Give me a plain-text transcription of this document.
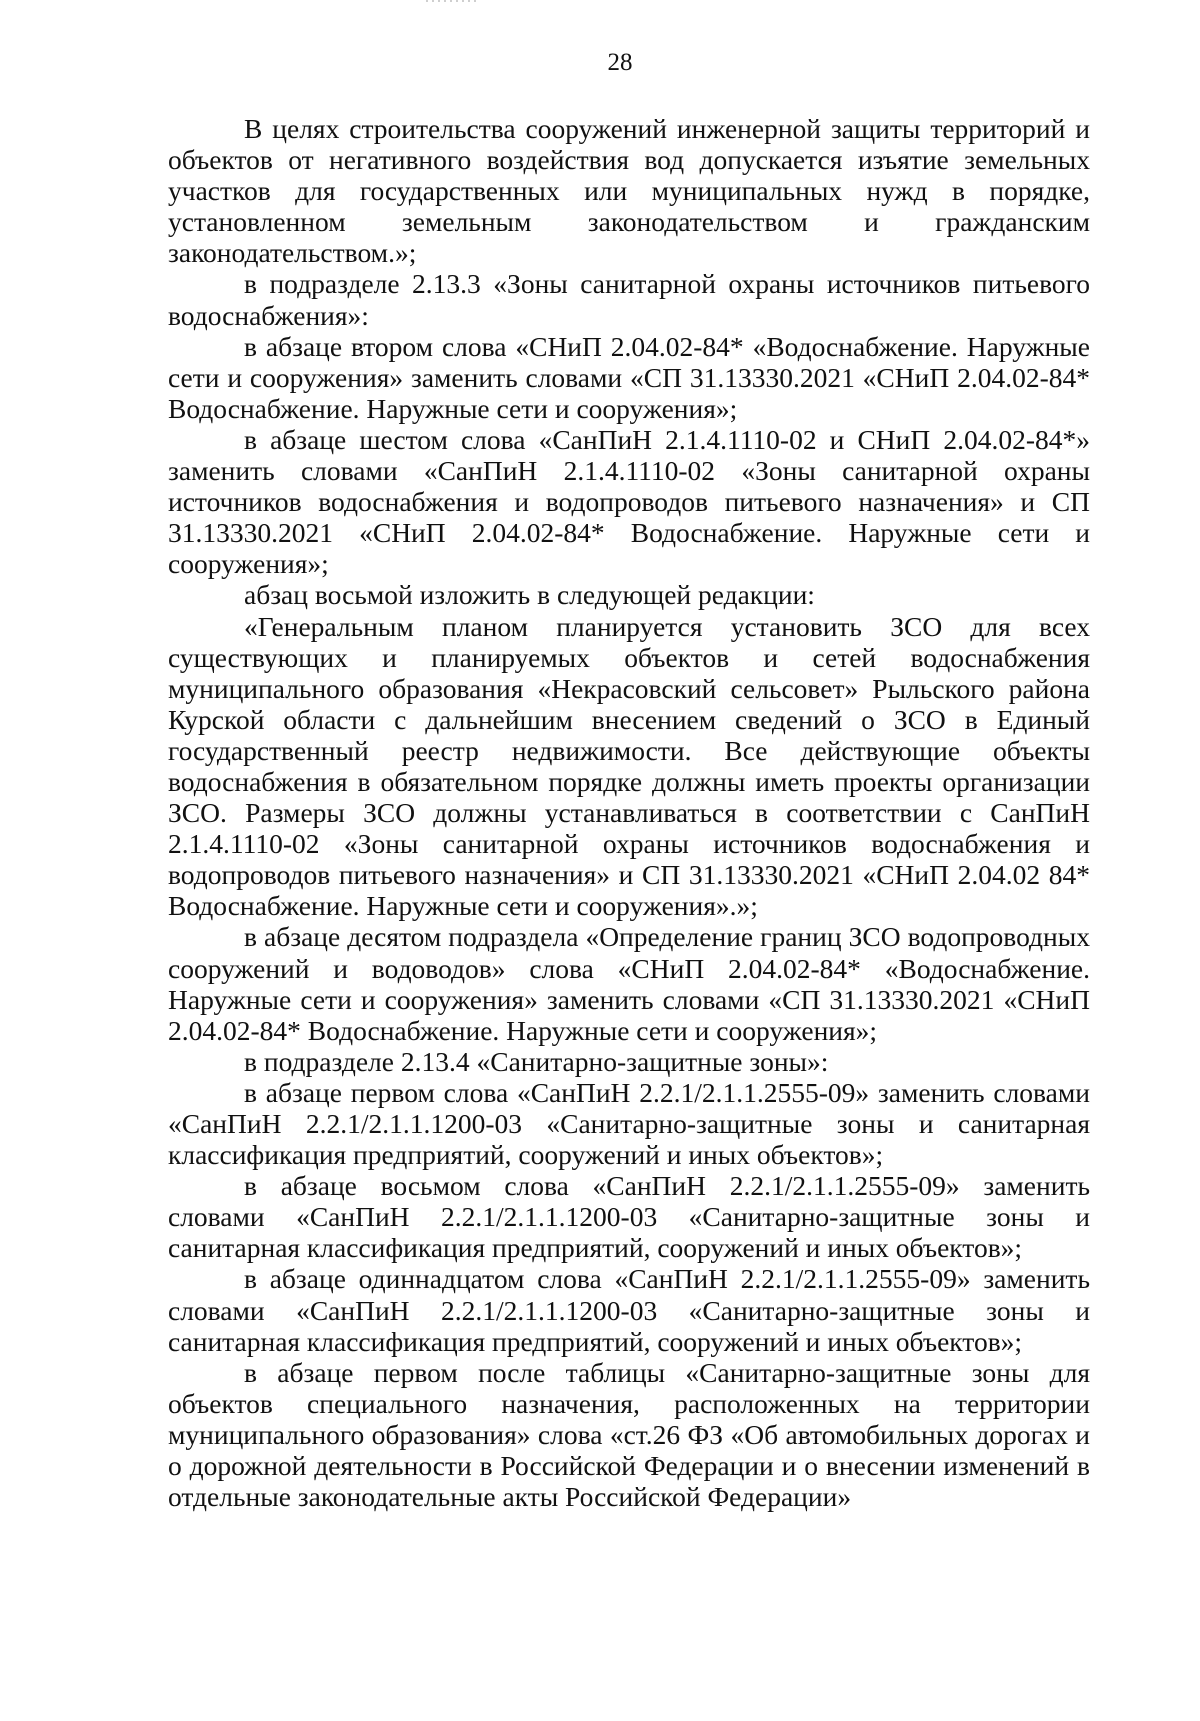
28

В целях строительства сооружений инженерной защиты территорий и объектов от негативного воздействия вод допускается изъятие земельных участков для государственных или муниципальных нужд в порядке, установленном земельным законодательством и гражданским законодательством.»;

в подразделе 2.13.3 «Зоны санитарной охраны источников питьевого водоснабжения»:

в абзаце втором слова «СНиП 2.04.02-84* «Водоснабжение. Наружные сети и сооружения» заменить словами «СП 31.13330.2021 «СНиП 2.04.02-84* Водоснабжение. Наружные сети и сооружения»;

в абзаце шестом слова «СанПиН 2.1.4.1110-02 и СНиП 2.04.02-84*» заменить словами «СанПиН 2.1.4.1110-02 «Зоны санитарной охраны источников водоснабжения и водопроводов питьевого назначения» и СП 31.13330.2021 «СНиП 2.04.02-84* Водоснабжение. Наружные сети и сооружения»;

абзац восьмой изложить в следующей редакции:

«Генеральным планом планируется установить ЗСО для всех существующих и планируемых объектов и сетей водоснабжения муниципального образования «Некрасовский сельсовет» Рыльского района Курской области с дальнейшим внесением сведений о ЗСО в Единый государственный реестр недвижимости. Все действующие объекты водоснабжения в обязательном порядке должны иметь проекты организации ЗСО. Размеры ЗСО должны устанавливаться в соответствии с СанПиН 2.1.4.1110-02 «Зоны санитарной охраны источников водоснабжения и водопроводов питьевого назначения» и СП 31.13330.2021 «СНиП 2.04.02 84* Водоснабжение. Наружные сети и сооружения».»;

в абзаце десятом подраздела «Определение границ ЗСО водопроводных сооружений и водоводов» слова «СНиП 2.04.02-84* «Водоснабжение. Наружные сети и сооружения» заменить словами «СП 31.13330.2021 «СНиП 2.04.02-84* Водоснабжение. Наружные сети и сооружения»;

в подразделе 2.13.4 «Санитарно-защитные зоны»:

в абзаце первом слова «СанПиН 2.2.1/2.1.1.2555-09» заменить словами «СанПиН 2.2.1/2.1.1.1200-03 «Санитарно-защитные зоны и санитарная классификация предприятий, сооружений и иных объектов»;

в абзаце восьмом слова «СанПиН 2.2.1/2.1.1.2555-09» заменить словами «СанПиН 2.2.1/2.1.1.1200-03 «Санитарно-защитные зоны и санитарная классификация предприятий, сооружений и иных объектов»;

в абзаце одиннадцатом слова «СанПиН 2.2.1/2.1.1.2555-09» заменить словами «СанПиН 2.2.1/2.1.1.1200-03 «Санитарно-защитные зоны и санитарная классификация предприятий, сооружений и иных объектов»;

в абзаце первом после таблицы «Санитарно-защитные зоны для объектов специального назначения, расположенных на территории муниципального образования» слова «ст.26 ФЗ «Об автомобильных дорогах и о дорожной деятельности в Российской Федерации и о внесении изменений в отдельные законодательные акты Российской Федерации»
